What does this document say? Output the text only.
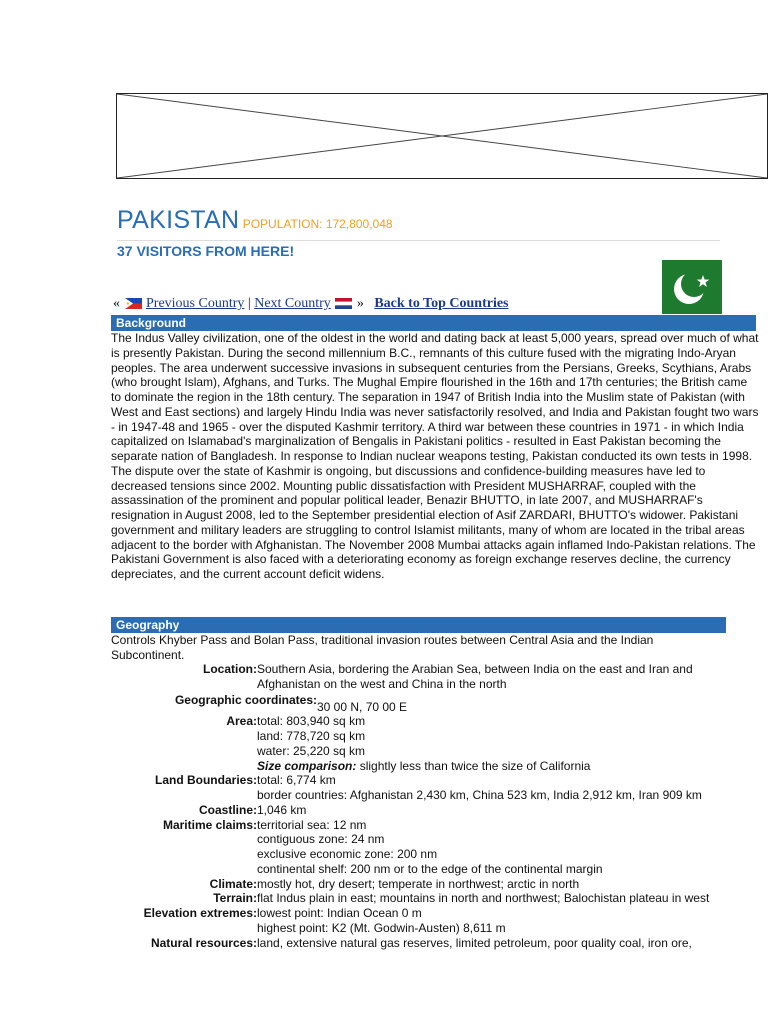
PAKISTAN POPULATION: 172,800,048
37 VISITORS FROM HERE!
« Previous Country | Next Country » Back to Top Countries
Background
The Indus Valley civilization, one of the oldest in the world and dating back at least 5,000 years, spread over much of what is presently Pakistan. During the second millennium B.C., remnants of this culture fused with the migrating Indo-Aryan peoples. The area underwent successive invasions in subsequent centuries from the Persians, Greeks, Scythians, Arabs (who brought Islam), Afghans, and Turks. The Mughal Empire flourished in the 16th and 17th centuries; the British came to dominate the region in the 18th century. The separation in 1947 of British India into the Muslim state of Pakistan (with West and East sections) and largely Hindu India was never satisfactorily resolved, and India and Pakistan fought two wars - in 1947-48 and 1965 - over the disputed Kashmir territory. A third war between these countries in 1971 - in which India capitalized on Islamabad's marginalization of Bengalis in Pakistani politics - resulted in East Pakistan becoming the separate nation of Bangladesh. In response to Indian nuclear weapons testing, Pakistan conducted its own tests in 1998. The dispute over the state of Kashmir is ongoing, but discussions and confidence-building measures have led to decreased tensions since 2002. Mounting public dissatisfaction with President MUSHARRAF, coupled with the assassination of the prominent and popular political leader, Benazir BHUTTO, in late 2007, and MUSHARRAF's resignation in August 2008, led to the September presidential election of Asif ZARDARI, BHUTTO's widower. Pakistani government and military leaders are struggling to control Islamist militants, many of whom are located in the tribal areas adjacent to the border with Afghanistan. The November 2008 Mumbai attacks again inflamed Indo-Pakistan relations. The Pakistani Government is also faced with a deteriorating economy as foreign exchange reserves decline, the currency depreciates, and the current account deficit widens.
Geography
Controls Khyber Pass and Bolan Pass, traditional invasion routes between Central Asia and the Indian Subcontinent.
Location: Southern Asia, bordering the Arabian Sea, between India on the east and Iran and Afghanistan on the west and China in the north
Geographic coordinates: 30 00 N, 70 00 E
Area: total: 803,940 sq km
land: 778,720 sq km
water: 25,220 sq km
Size comparison: slightly less than twice the size of California
Land Boundaries: total: 6,774 km
border countries: Afghanistan 2,430 km, China 523 km, India 2,912 km, Iran 909 km
Coastline: 1,046 km
Maritime claims: territorial sea: 12 nm
contiguous zone: 24 nm
exclusive economic zone: 200 nm
continental shelf: 200 nm or to the edge of the continental margin
Climate: mostly hot, dry desert; temperate in northwest; arctic in north
Terrain: flat Indus plain in east; mountains in north and northwest; Balochistan plateau in west
Elevation extremes: lowest point: Indian Ocean 0 m
highest point: K2 (Mt. Godwin-Austen) 8,611 m
Natural resources: land, extensive natural gas reserves, limited petroleum, poor quality coal, iron ore,
